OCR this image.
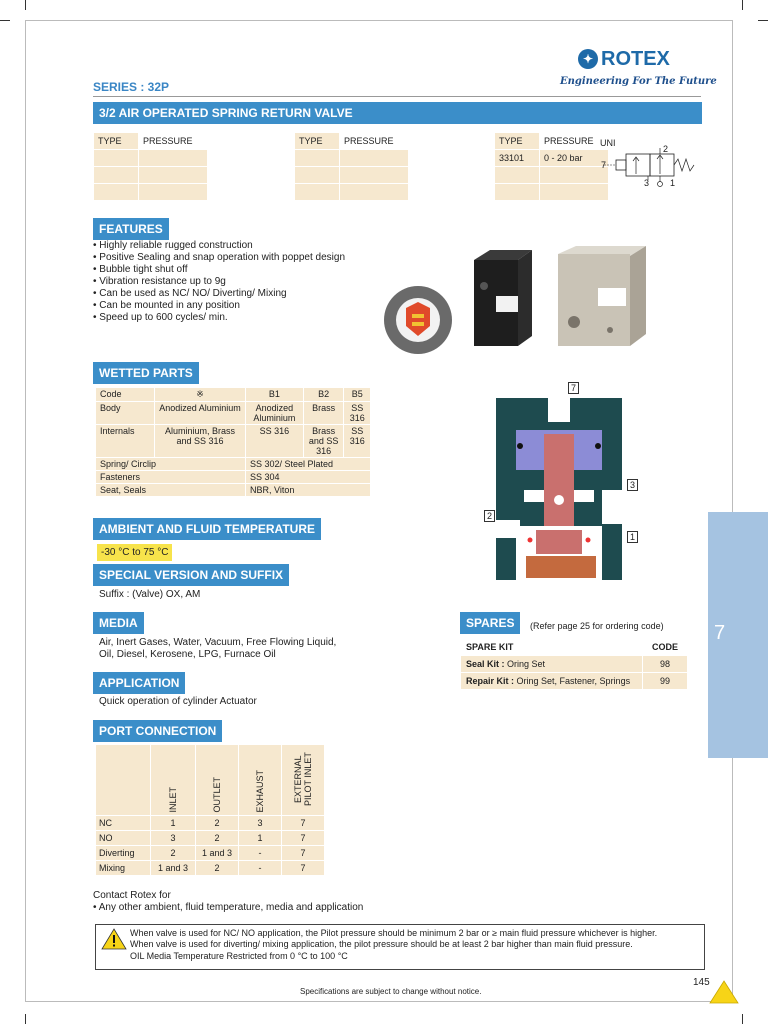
✦ ROTEX
Engineering For The Future
SERIES : 32P
3/2 AIR OPERATED SPRING RETURN VALVE
TYPE	PRESSURE

		TYPE	PRESSURE

		TYPE	PRESSURE
33101	0 - 20 bar

UNI
2
7
3 1
FEATURES
• Highly reliable rugged construction
• Positive Sealing and snap operation with poppet design
• Bubble tight shut off
• Vibration resistance up to 9g
• Can be used as NC/ NO/ Diverting/ Mixing
• Can be mounted in any position
• Speed up to 600 cycles/ min.
WETTED PARTS
Code	※	B1	B2	B5
Body	Anodized Aluminium	Anodized Aluminium	Brass	SS 316
Internals	Aluminium, Brass and SS 316	SS 316	Brass and SS 316	SS 316
Spring/ Circlip		SS 302/ Steel Plated		
Fasteners		SS 304		
Seat, Seals		NBR, Viton		
AMBIENT AND FLUID TEMPERATURE
-30 °C to 75 °C
SPECIAL VERSION AND SUFFIX
Suffix : (Valve) OX, AM
MEDIA
Air, Inert Gases, Water, Vacuum, Free Flowing Liquid,
Oil, Diesel, Kerosene, LPG, Furnace Oil
APPLICATION
Quick operation of cylinder Actuator
PORT CONNECTION
	INLET	OUTLET	EXHAUST	EXTERNAL PILOT INLET
NC	1	2	3	7
NO	3	2	1	7
Diverting	2	1 and 3	-	7
Mixing	1 and 3	2	-	7
7
3
2
1
SPARES	(Refer page 25 for ordering code)
SPARE KIT	CODE
Seal Kit : Oring Set	98
Repair Kit : Oring Set, Fastener, Springs	99
Contact Rotex for
• Any other ambient, fluid temperature, media and application
When valve is used for NC/ NO application, the Pilot pressure should be minimum 2 bar or ≥ main fluid pressure whichever is higher.
When valve is used for diverting/ mixing application, the pilot pressure should be at least 2 bar higher than main fluid pressure.
OIL Media Temperature Restricted from 0 °C to 100 °C
7
145
Specifications are subject to change without notice.
